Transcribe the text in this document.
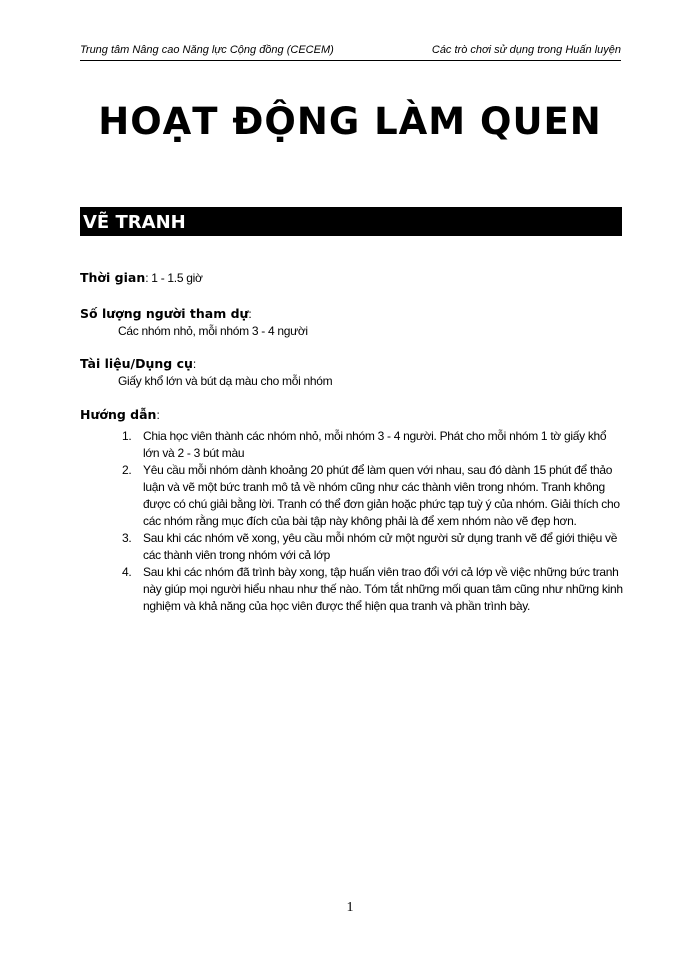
Trung tâm Nâng cao Năng lực Cộng đồng (CECEM)	Các trò chơi sử dụng trong Huấn luyện
HOẠT ĐỘNG LÀM QUEN
VẼ TRANH
Thời gian: 1 - 1.5 giờ
Số lượng người tham dự:
Các nhóm nhỏ, mỗi nhóm 3 - 4 người
Tài liệu/Dụng cụ:
Giấy khổ lớn và bút dạ màu cho mỗi nhóm
Hướng dẫn:
1. Chia học viên thành các nhóm nhỏ, mỗi nhóm 3 - 4 người. Phát cho mỗi nhóm 1 tờ giấy khổ lớn và 2 - 3 bút màu
2. Yêu cầu mỗi nhóm dành khoảng 20 phút để làm quen với nhau, sau đó dành 15 phút để thảo luận và vẽ một bức tranh mô tả về nhóm cũng như các thành viên trong nhóm. Tranh không được có chú giải bằng lời. Tranh có thể đơn giản hoặc phức tạp tuỳ ý của nhóm. Giải thích cho các nhóm rằng mục đích của bài tập này không phải là để xem nhóm nào vẽ đẹp hơn.
3. Sau khi các nhóm vẽ xong, yêu cầu mỗi nhóm cử một người sử dụng tranh vẽ để giới thiệu về các thành viên trong nhóm với cả lớp
4. Sau khi các nhóm đã trình bày xong, tập huấn viên trao đổi với cả lớp về việc những bức tranh này giúp mọi người hiểu nhau như thế nào. Tóm tắt những mối quan tâm cũng như những kinh nghiệm và khả năng của học viên được thể hiện qua tranh và phần trình bày.
1
